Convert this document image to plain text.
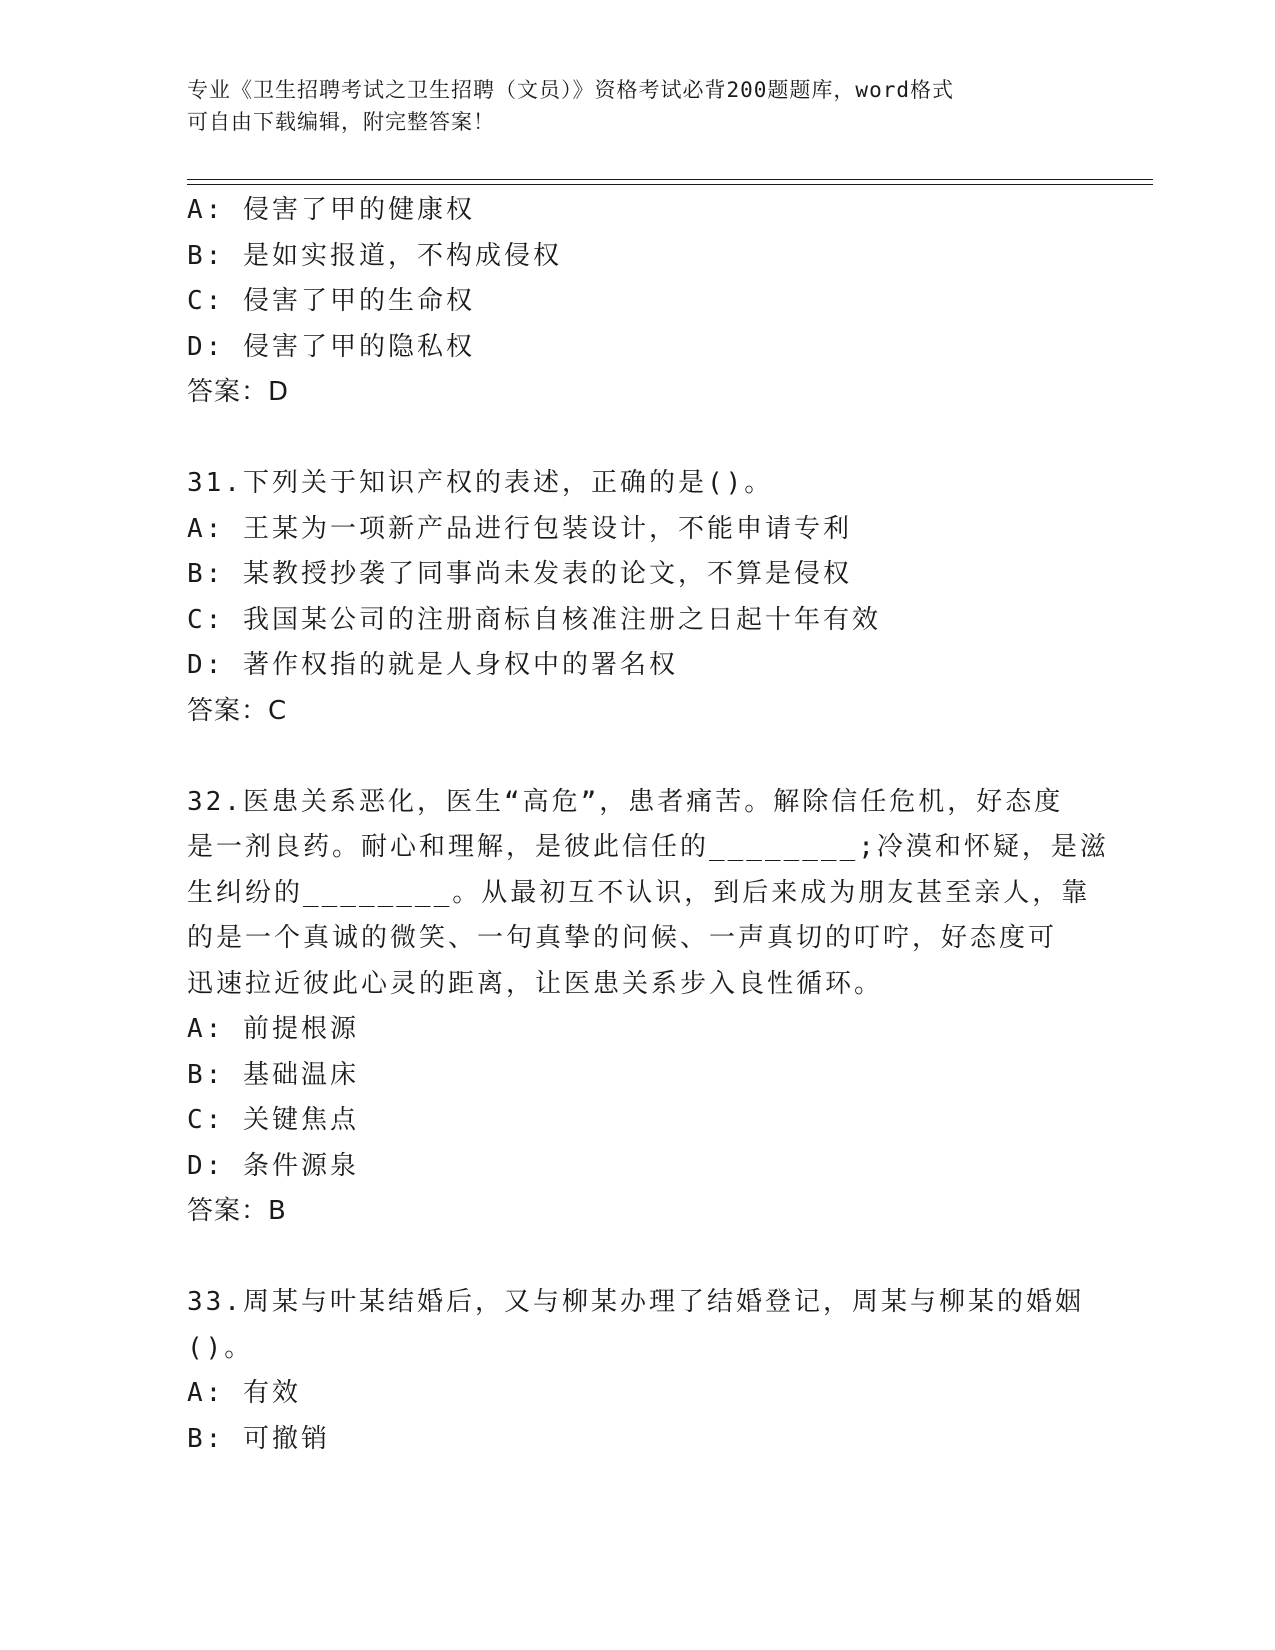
专业《卫生招聘考试之卫生招聘（文员）》资格考试必背200题题库，word格式
可自由下载编辑，附完整答案！
A: 侵害了甲的健康权
B: 是如实报道，不构成侵权
C: 侵害了甲的生命权
D: 侵害了甲的隐私权
答案：D
31.下列关于知识产权的表述，正确的是()。
A: 王某为一项新产品进行包装设计，不能申请专利
B: 某教授抄袭了同事尚未发表的论文，不算是侵权
C: 我国某公司的注册商标自核准注册之日起十年有效
D: 著作权指的就是人身权中的署名权
答案：C
32.医患关系恶化，医生“高危”，患者痛苦。解除信任危机，好态度
是一剂良药。耐心和理解，是彼此信任的________;冷漠和怀疑，是滋
生纠纷的________。从最初互不认识，到后来成为朋友甚至亲人，靠
的是一个真诚的微笑、一句真挚的问候、一声真切的叮咛，好态度可
迅速拉近彼此心灵的距离，让医患关系步入良性循环。
A: 前提根源
B: 基础温床
C: 关键焦点
D: 条件源泉
答案：B
33.周某与叶某结婚后，又与柳某办理了结婚登记，周某与柳某的婚姻
()。
A: 有效
B: 可撤销
